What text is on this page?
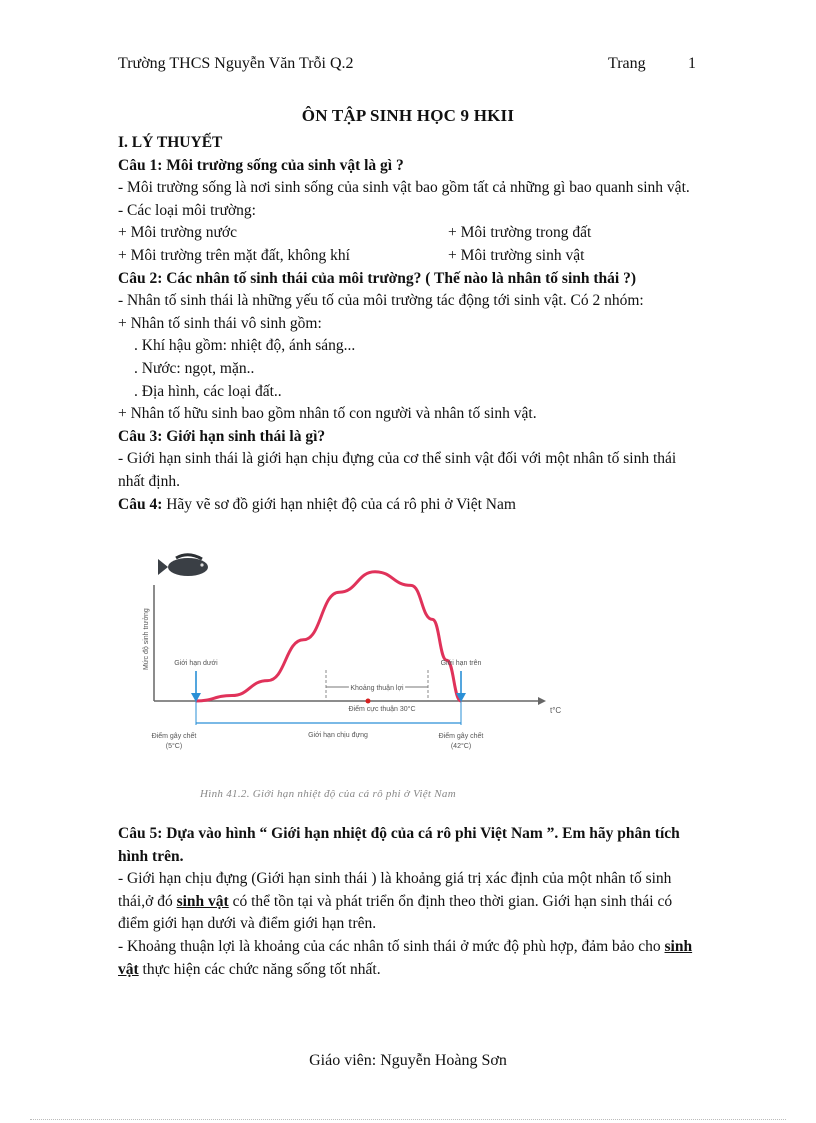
Trường THCS Nguyễn Văn Trỗi Q.2	Trang	1
ÔN TẬP SINH HỌC 9 HKII

I. LÝ THUYẾT

Câu 1: Môi trường sống của sinh vật là gì ?

- Môi trường sống là nơi sinh sống của sinh vật bao gồm tất cả những gì bao quanh sinh vật.

- Các loại môi trường:

+ Môi trường nước	+ Môi trường trong đất

+ Môi trường trên mặt đất, không khí	+ Môi trường sinh vật

Câu 2: Các nhân tố sinh thái của môi trường? ( Thế nào là nhân tố sinh thái ?)

- Nhân tố sinh thái là những yếu tố của môi trường tác động tới sinh vật. Có 2 nhóm:

+ Nhân tố sinh thái vô sinh gồm:

. Khí hậu gồm: nhiệt độ, ánh sáng...

. Nước: ngọt, mặn..

. Địa hình, các loại đất..

+ Nhân tố hữu sinh bao gồm nhân tố con người và nhân tố sinh vật.

Câu 3: Giới hạn sinh thái là gì?

- Giới hạn sinh thái là giới hạn chịu đựng của cơ thể sinh vật đối với một nhân tố sinh thái nhất định.

Câu 4: Hãy vẽ sơ đồ giới hạn nhiệt độ của cá rô phi ở Việt Nam

Mức độ sinh trưởng
t°C
Khoảng thuận lợi
Giới hạn dưới	Giới hạn trên
Điểm cực thuận 30°C
Giới hạn chịu đựng
Điểm gây chết
(5°C)
Điểm gây chết
(42°C)
Hình 41.2. Giới hạn nhiệt độ của cá rô phi ở Việt Nam

Câu 5: Dựa vào hình “ Giới hạn nhiệt độ của cá rô phi Việt Nam ”. Em hãy phân tích hình trên.

- Giới hạn chịu đựng (Giới hạn sinh thái ) là khoảng giá trị xác định của một nhân tố sinh thái,ở đó sinh vật có thể tồn tại và phát triển ổn định theo thời gian. Giới hạn sinh thái có điểm giới hạn dưới và điểm giới hạn trên.

- Khoảng thuận lợi là khoảng của các nhân tố sinh thái ở mức độ phù hợp, đảm bảo cho sinh vật thực hiện các chức năng sống tốt nhất.

Giáo viên: Nguyễn Hoàng Sơn
